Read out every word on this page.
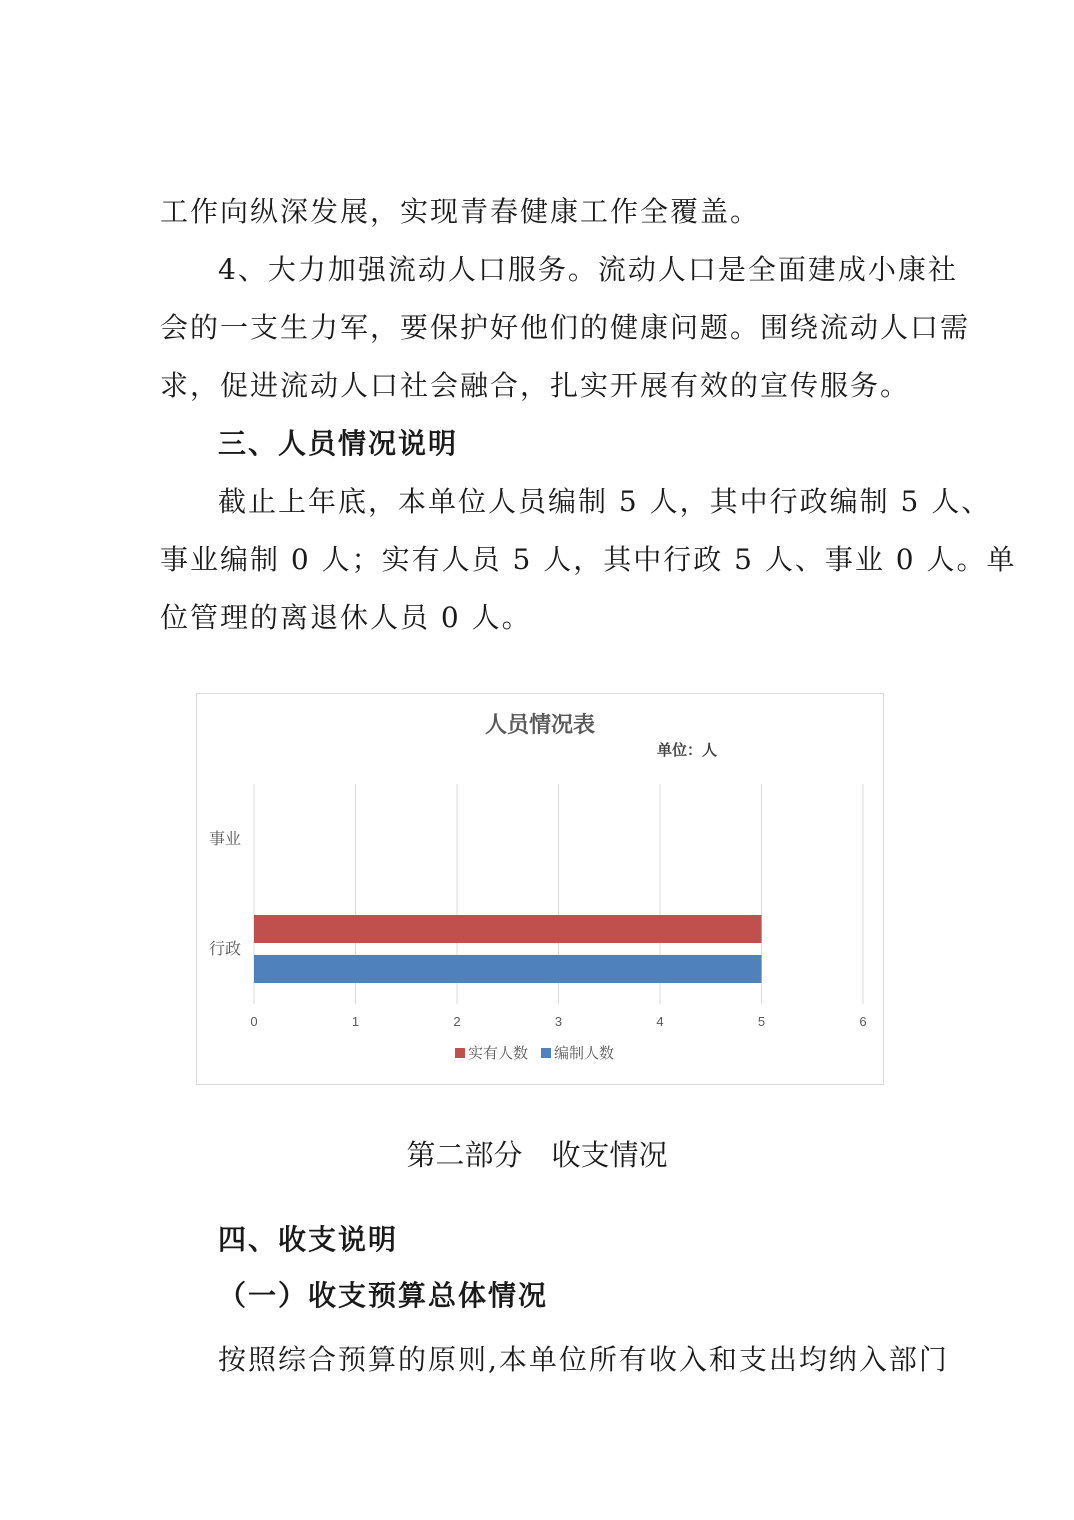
工作向纵深发展，实现青春健康工作全覆盖。
4、大力加强流动人口服务。流动人口是全面建成小康社
会的一支生力军，要保护好他们的健康问题。围绕流动人口需
求，促进流动人口社会融合，扎实开展有效的宣传服务。
三、人员情况说明
截止上年底，本单位人员编制 5 人，其中行政编制 5 人、
事业编制 0 人；实有人员 5 人，其中行政 5 人、事业 0 人。单
位管理的离退休人员 0 人。
人员情况表
单位：人
0	1	2	3	4	5	6
事业
行政
实有人数 编制人数
第二部分　收支情况
四、收支说明
（一）收支预算总体情况
按照综合预算的原则,本单位所有收入和支出均纳入部门
